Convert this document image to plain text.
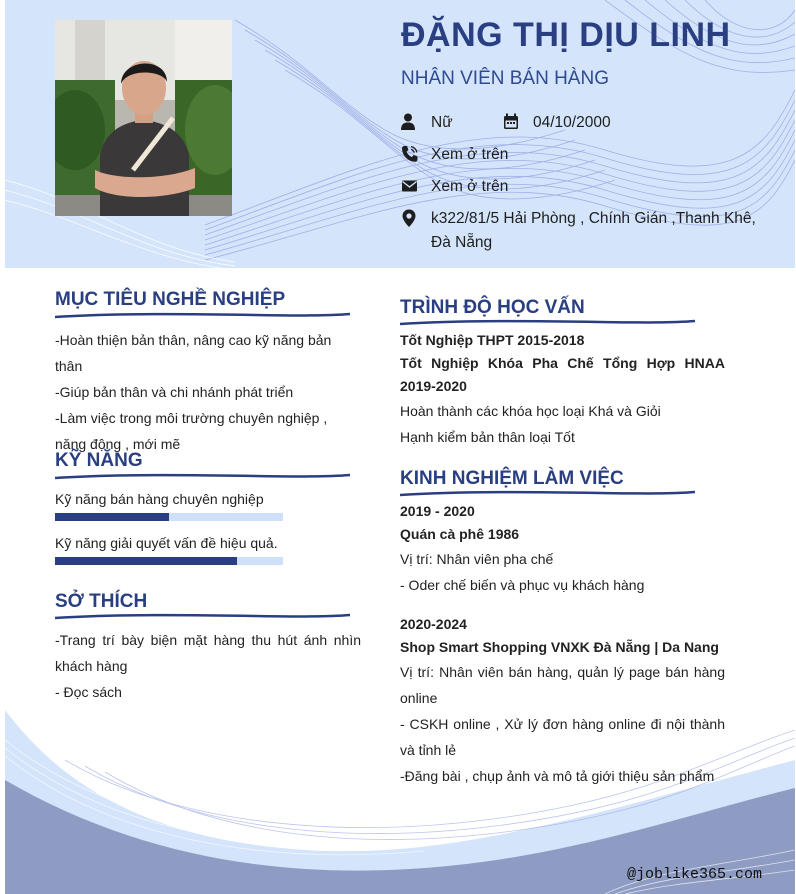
ĐẶNG THỊ DỊU LINH
NHÂN VIÊN BÁN HÀNG
Nữ	04/10/2000
Xem ở trên
Xem ở trên
k322/81/5 Hải Phòng , Chính Gián ,Thanh Khê, Đà Nẵng
MỤC TIÊU NGHỀ NGHIỆP
-Hoàn thiện bản thân, nâng cao kỹ năng bản thân
-Giúp bản thân và chi nhánh phát triển
-Làm việc trong môi trường chuyên nghiệp , năng động , mới mẽ
KỸ NĂNG
Kỹ năng bán hàng chuyên nghiệp
Kỹ năng giải quyết vấn đề hiệu quả.
SỞ THÍCH
-Trang trí bày biện mặt hàng thu hút ánh nhìn khách hàng
- Đọc sách
TRÌNH ĐỘ HỌC VẤN
Tốt Nghiệp THPT 2015-2018
Tốt Nghiệp Khóa Pha Chế Tổng Hợp HNAA 2019-2020
Hoàn thành các khóa học loại Khá và Giỏi
Hạnh kiểm bản thân loại Tốt
KINH NGHIỆM LÀM VIỆC
2019 - 2020
Quán cà phê 1986
Vị trí: Nhân viên pha chế
- Oder chế biến và phục vụ khách hàng
2020-2024
Shop Smart Shopping VNXK Đà Nẵng | Da Nang
Vị trí: Nhân viên bán hàng, quản lý page bán hàng online
- CSKH online , Xử lý đơn hàng online đi nội thành và tỉnh lẻ
-Đăng bài , chụp ảnh và mô tả giới thiệu sản phẩm
@joblike365.com
